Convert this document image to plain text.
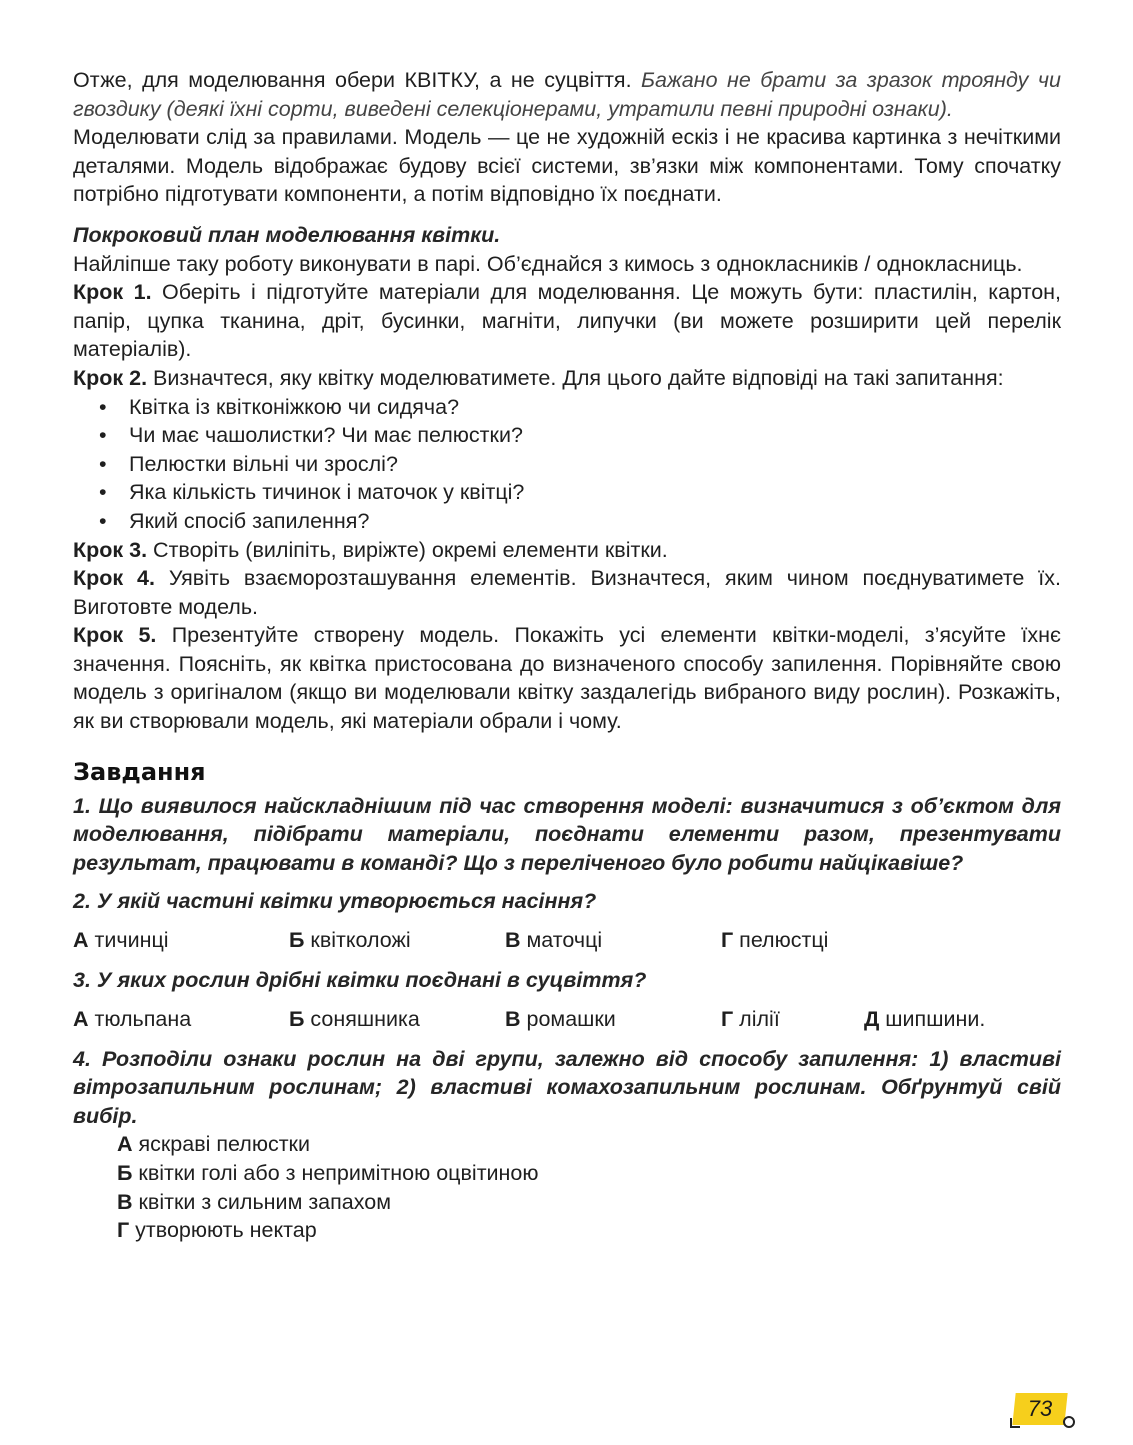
Отже, для моделювання обери КВІТКУ, а не суцвіття. Бажано не брати за зразок троянду чи гвоздику (деякі їхні сорти, виведені селекціонерами, утратили певні природні ознаки).

Моделювати слід за правилами. Модель — це не художній ескіз і не красива картинка з нечіткими деталями. Модель відображає будову всієї системи, зв’язки між компонентами. Тому спочатку потрібно підготувати компоненти, а потім відповідно їх поєднати.

Покроковий план моделювання квітки.

Найліпше таку роботу виконувати в парі. Об’єднайся з кимось з однокласників / однокласниць.

Крок 1. Оберіть і підготуйте матеріали для моделювання. Це можуть бути: пластилін, картон, папір, цупка тканина, дріт, бусинки, магніти, липучки (ви можете розширити цей перелік матеріалів).

Крок 2. Визначтеся, яку квітку моделюватимете. Для цього дайте відповіді на такі запитання:

• Квітка із квітконіжкою чи сидяча?
• Чи має чашолистки? Чи має пелюстки?
• Пелюстки вільні чи зрослі?
• Яка кількість тичинок і маточок у квітці?
• Який спосіб запилення?

Крок 3. Створіть (виліпіть, виріжте) окремі елементи квітки.

Крок 4. Уявіть взаєморозташування елементів. Визначтеся, яким чином поєднуватимете їх. Виготовте модель.

Крок 5. Презентуйте створену модель. Покажіть усі елементи квітки-моделі, з’ясуйте їхнє значення. Поясніть, як квітка пристосована до визначеного способу запилення. Порівняйте свою модель з оригіналом (якщо ви моделювали квітку заздалегідь вибраного виду рослин). Розкажіть, як ви створювали модель, які матеріали обрали і чому.

Завдання

1. Що виявилося найскладнішим під час створення моделі: визначитися з об’єктом для моделювання, підібрати матеріали, поєднати елементи разом, презентувати результат, працювати в команді? Що з переліченого було робити найцікавіше?

2. У якій частині квітки утворюється насіння?

А тичинці	Б квітколожі	В маточці	Г пелюстці

3. У яких рослин дрібні квітки поєднані в суцвіття?

А тюльпана	Б соняшника	В ромашки	Г лілії	Д шипшини.

4. Розподіли ознаки рослин на дві групи, залежно від способу запилення: 1) властиві вітрозапильним рослинам; 2) властиві комахозапильним рослинам. Обґрунтуй свій вибір.

А яскраві пелюстки
Б квітки голі або з непримітною оцвітиною
В квітки з сильним запахом
Г утворюють нектар
73
